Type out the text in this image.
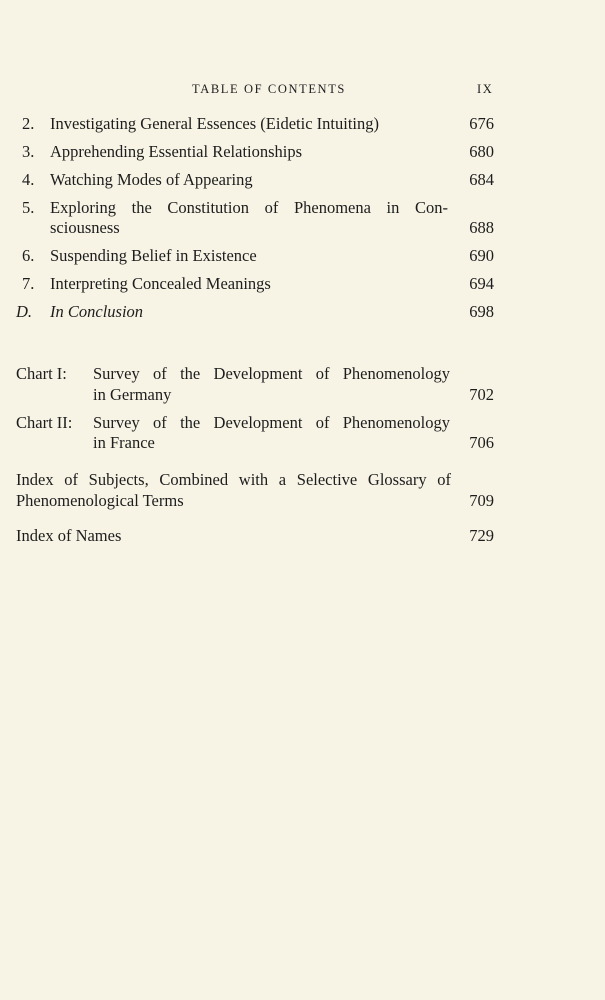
TABLE OF CONTENTS	IX
2. Investigating General Essences (Eidetic Intuiting)	676
3. Apprehending Essential Relationships	680
4. Watching Modes of Appearing	684
5. Exploring the Constitution of Phenomena in Con-
sciousness	688
6. Suspending Belief in Existence	690
7. Interpreting Concealed Meanings	694
D.	In Conclusion	698
Chart I:	Survey of the Development of Phenomenology
in Germany	702
Chart II:	Survey of the Development of Phenomenology
in France	706
Index of Subjects, Combined with a Selective Glossary of
Phenomenological Terms	709
Index of Names	729
